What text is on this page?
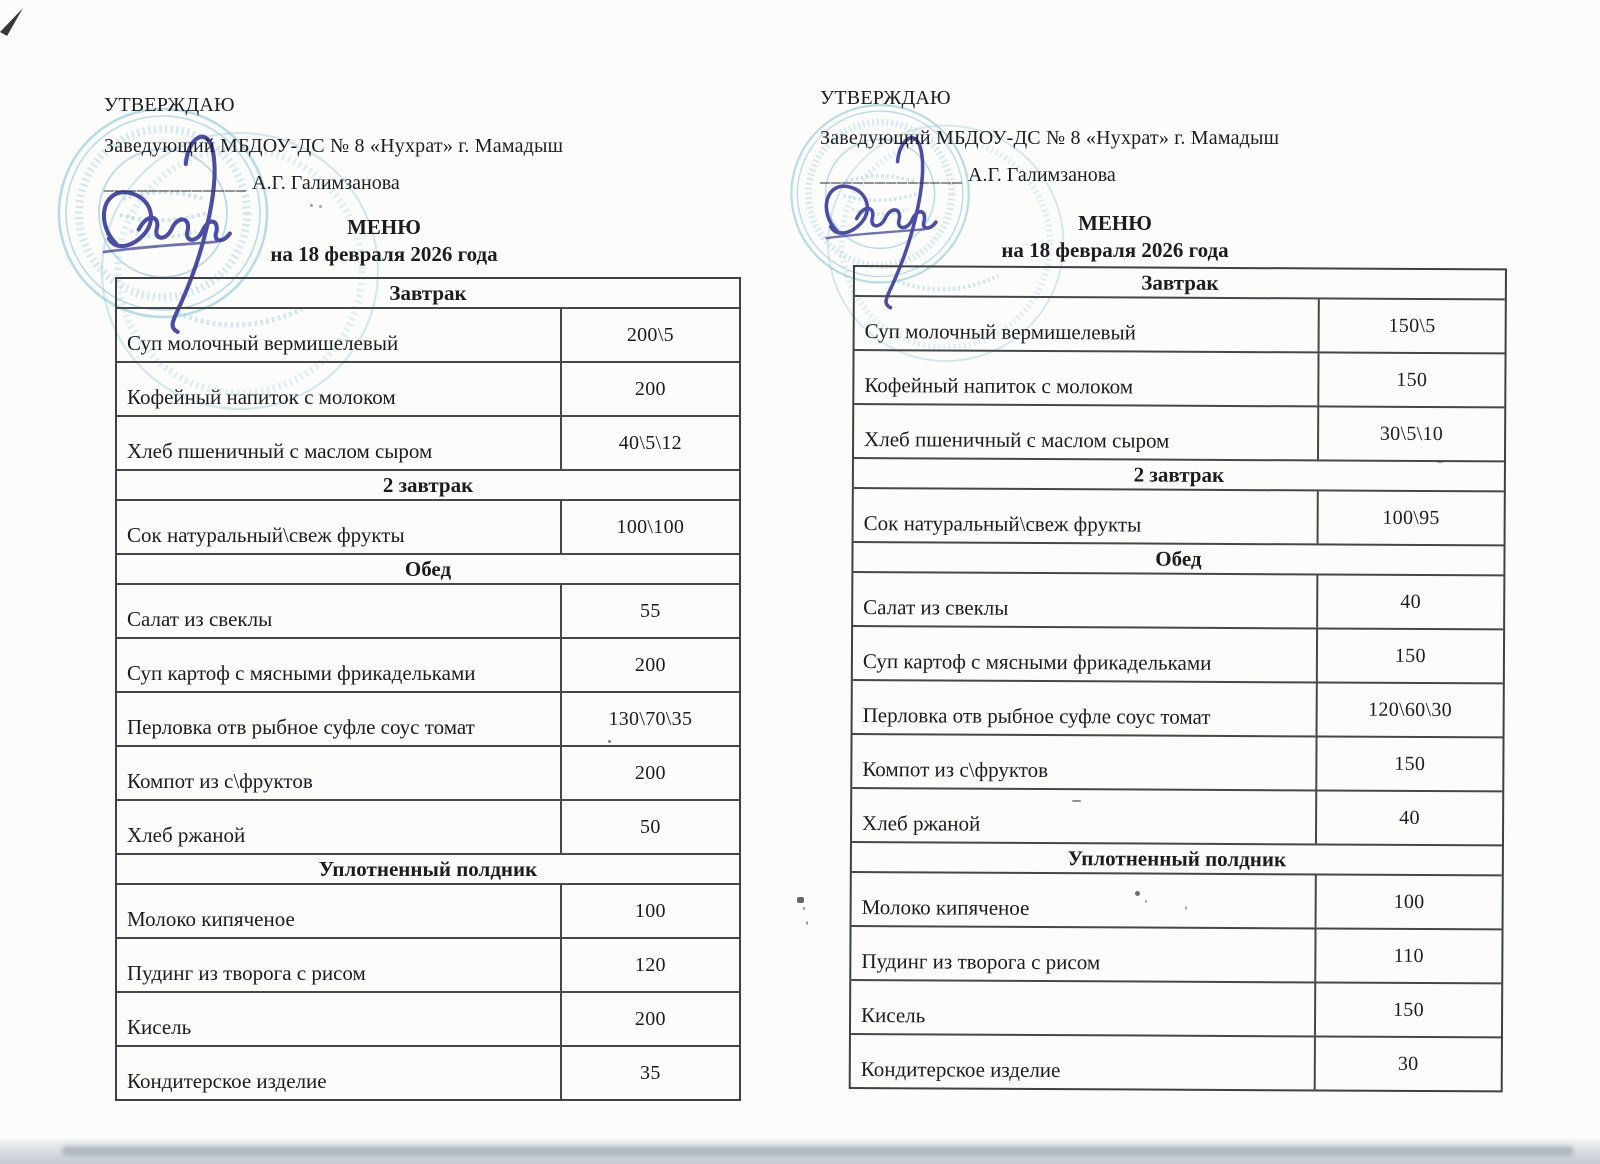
УТВЕРЖДАЮ
Заведующий МБДОУ-ДС № 8 «Нухрат» г. Мамадыш
_____________ А.Г. Галимзанова
МЕНЮ
на 18 февраля 2026 года
Завтрак
Суп молочный вермишелевый	200\5
Кофейный напиток с молоком	200
Хлеб пшеничный с маслом сыром	40\5\12
2 завтрак
Сок натуральный\свеж фрукты	100\100
Обед
Салат из свеклы	55
Суп картоф с мясными фрикадельками	200
Перловка отв рыбное суфле соус томат	130\70\35
Компот из с\фруктов	200
Хлеб ржаной	50
Уплотненный полдник
Молоко кипяченое	100
Пудинг из творога с рисом	120
Кисель	200
Кондитерское изделие	35
УТВЕРЖДАЮ
Заведующий МБДОУ-ДС № 8 «Нухрат» г. Мамадыш
_____________ А.Г. Галимзанова
МЕНЮ
на 18 февраля 2026 года
Завтрак
Суп молочный вермишелевый	150\5
Кофейный напиток с молоком	150
Хлеб пшеничный с маслом сыром	30\5\10
2 завтрак
Сок натуральный\свеж фрукты	100\95
Обед
Салат из свеклы	40
Суп картоф с мясными фрикадельками	150
Перловка отв рыбное суфле соус томат	120\60\30
Компот из с\фруктов	150
Хлеб ржаной	40
Уплотненный полдник
Молоко кипяченое	100
Пудинг из творога с рисом	110
Кисель	150
Кондитерское изделие	30
